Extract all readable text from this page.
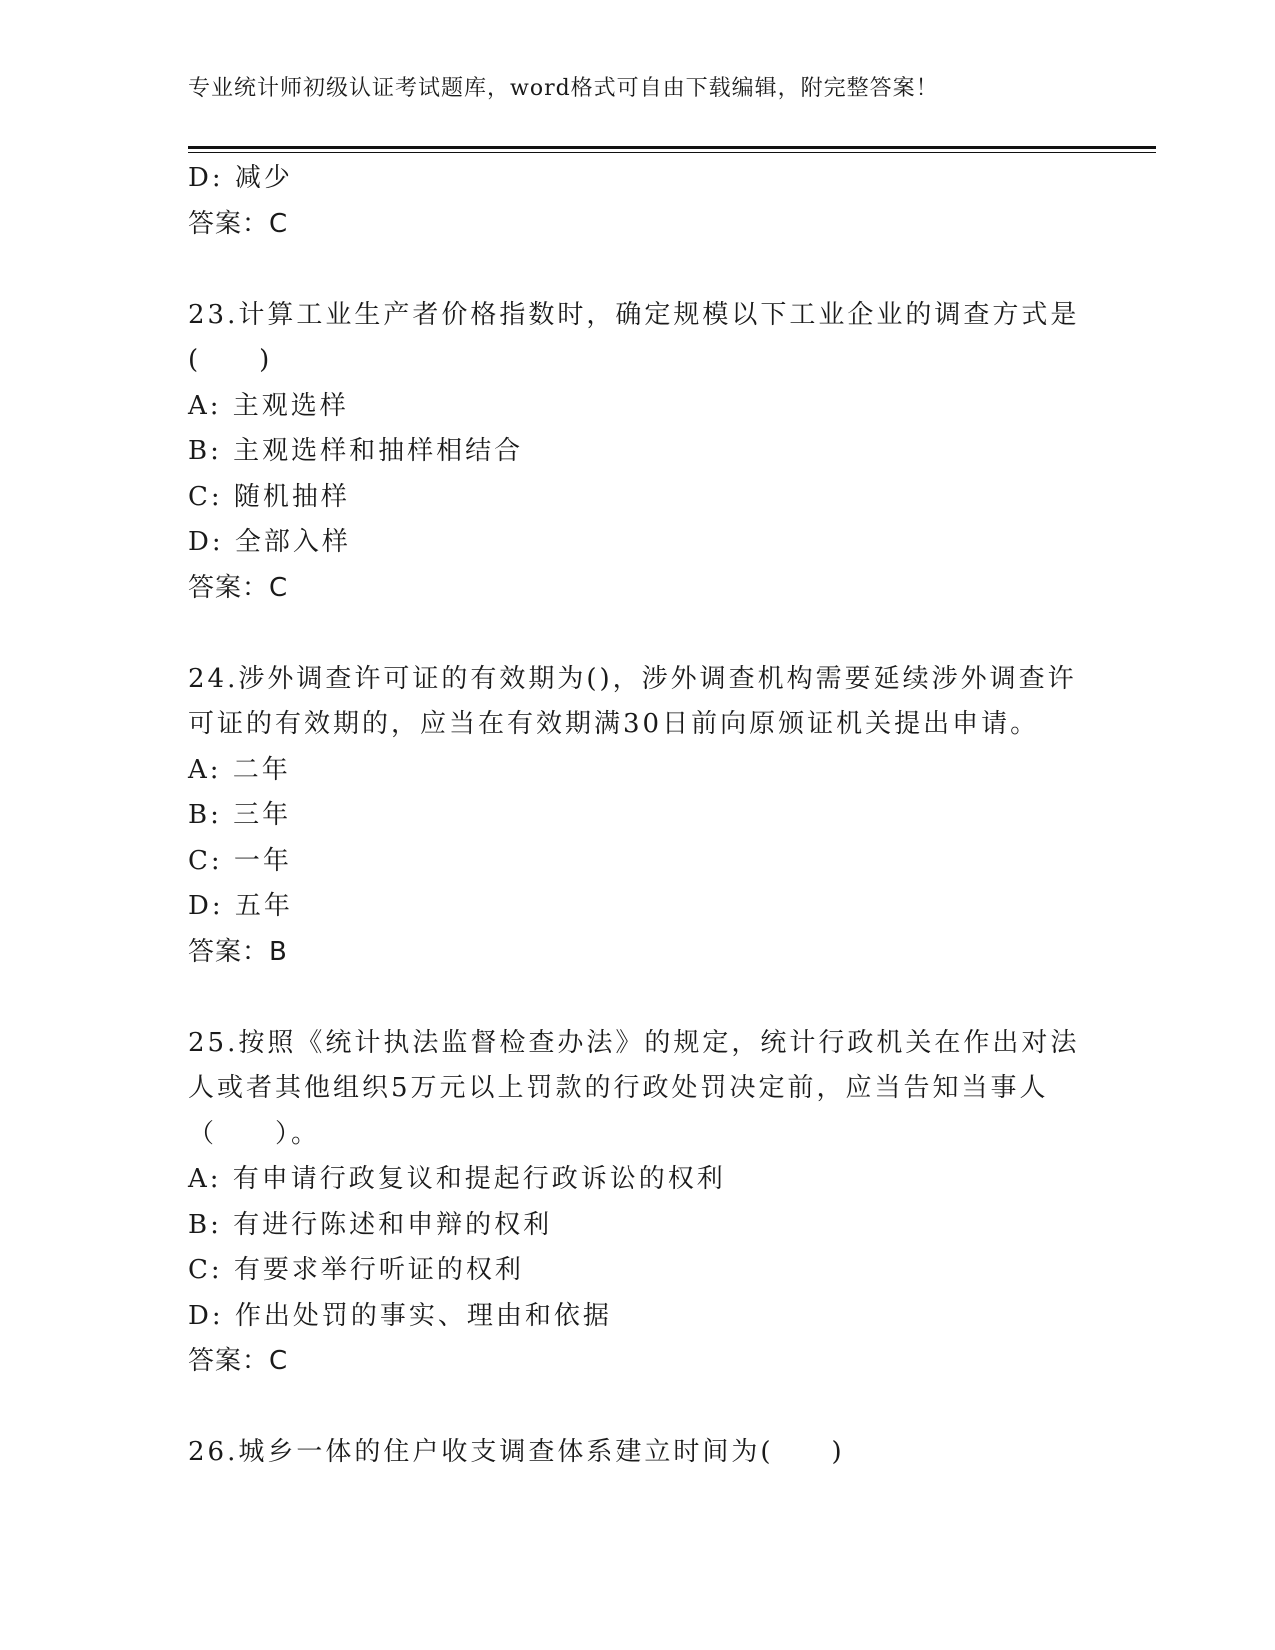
专业统计师初级认证考试题库，word格式可自由下载编辑，附完整答案！
D: 减少
答案：C
23.计算工业生产者价格指数时，确定规模以下工业企业的调查方式是
(　　)
A: 主观选样
B: 主观选样和抽样相结合
C: 随机抽样
D: 全部入样
答案：C
24.涉外调查许可证的有效期为()，涉外调查机构需要延续涉外调查许
可证的有效期的，应当在有效期满30日前向原颁证机关提出申请。
A: 二年
B: 三年
C: 一年
D: 五年
答案：B
25.按照《统计执法监督检查办法》的规定，统计行政机关在作出对法
人或者其他组织5万元以上罚款的行政处罚决定前，应当告知当事人
（　　）。
A: 有申请行政复议和提起行政诉讼的权利
B: 有进行陈述和申辩的权利
C: 有要求举行听证的权利
D: 作出处罚的事实、理由和依据
答案：C
26.城乡一体的住户收支调查体系建立时间为(　　)
